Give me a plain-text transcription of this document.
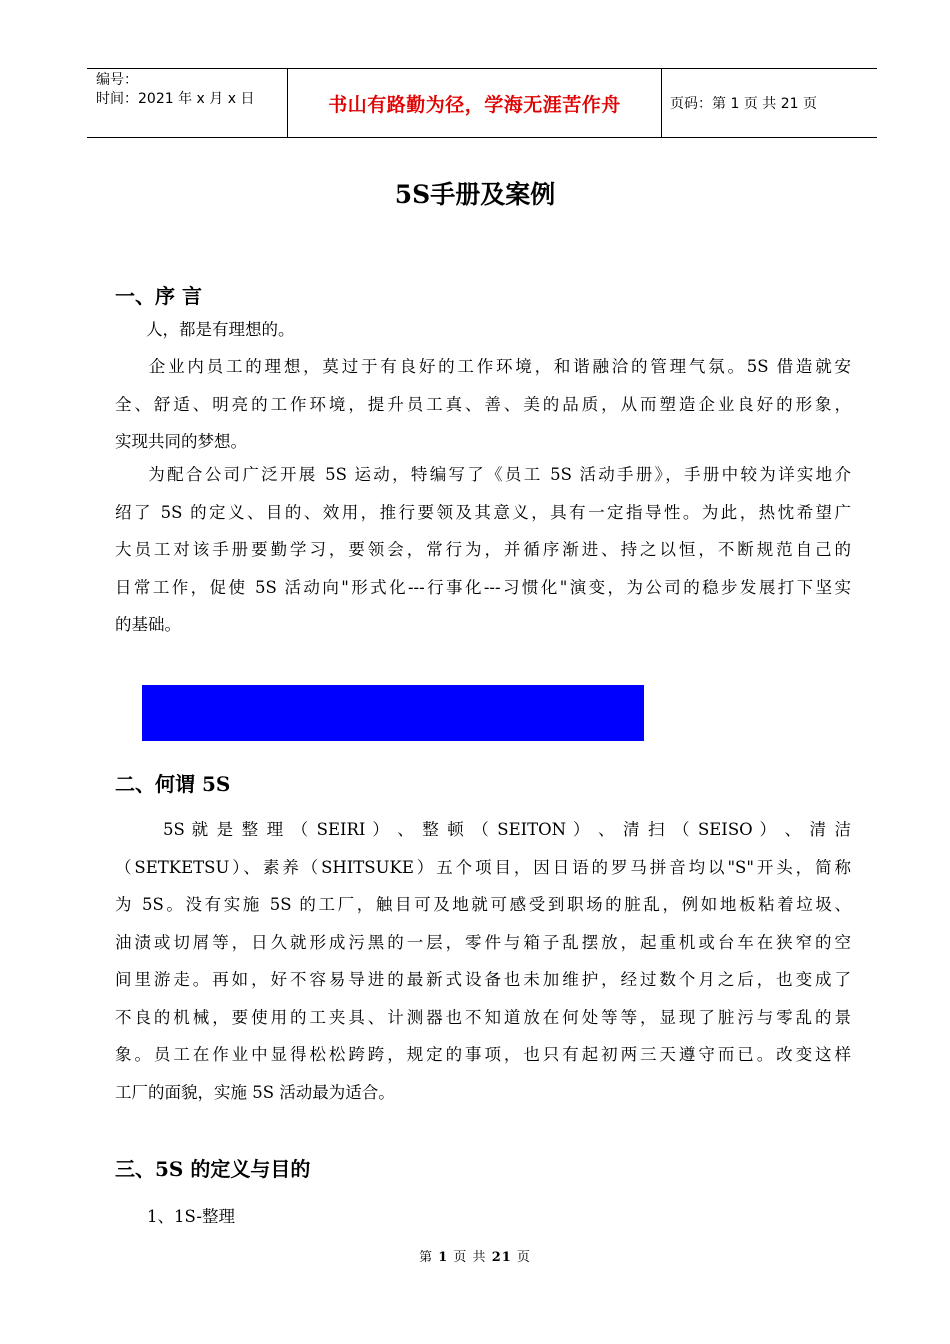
编号：
时间：2021 年 x 月 x 日	书山有路勤为径，学海无涯苦作舟	页码：第 1 页 共 21 页
5S手册及案例
一、序 言

人，都是有理想的。

企业内员工的理想，莫过于有良好的工作环境，和谐融洽的管理气氛。5S 借造就安
全、舒适、明亮的工作环境，提升员工真、善、美的品质，从而塑造企业良好的形象，
实现共同的梦想。

为配合公司广泛开展 5S 运动，特编写了《员工 5S 活动手册》，手册中较为详实地介
绍了 5S 的定义、目的、效用，推行要领及其意义，具有一定指导性。为此，热忱希望广
大员工对该手册要勤学习，要领会，常行为，并循序渐进、持之以恒，不断规范自己的
日常工作，促使 5S 活动向"形式化---行事化---习惯化"演变，为公司的稳步发展打下坚实
的基础。

二、何谓 5S

5S 就 是 整 理 （ SEIRI ） 、 整 顿 （ SEITON ） 、 清 扫 （ SEISO ） 、 清 洁
（SETKETSU）、素养（SHITSUKE）五个项目，因日语的罗马拼音均以"S"开头，简称
为 5S。没有实施 5S 的工厂，触目可及地就可感受到职场的脏乱，例如地板粘着垃圾、
油渍或切屑等，日久就形成污黑的一层，零件与箱子乱摆放，起重机或台车在狭窄的空
间里游走。再如，好不容易导进的最新式设备也未加维护，经过数个月之后，也变成了
不良的机械，要使用的工夹具、计测器也不知道放在何处等等，显现了脏污与零乱的景
象。员工在作业中显得松松跨跨，规定的事项，也只有起初两三天遵守而已。改变这样
工厂的面貌，实施 5S 活动最为适合。

三、5S 的定义与目的
1、1S-整理
第 1 页 共 21 页
